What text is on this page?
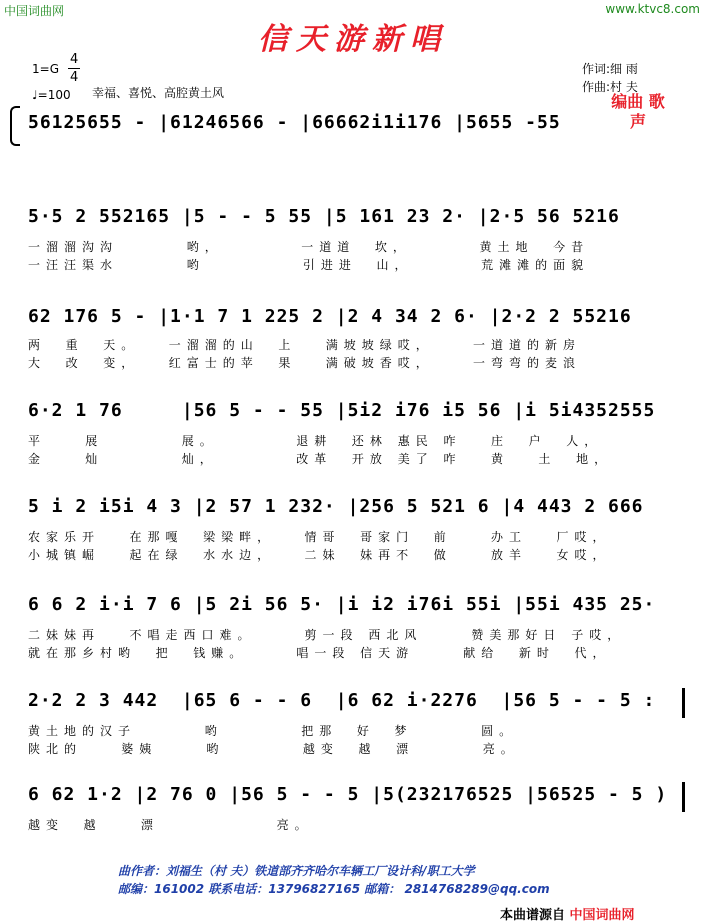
中国词曲网	www.ktvc8.com
信天游新唱
1=G
4
4
♩=100 幸福、喜悦、高腔黄土风
作词:细 雨
作曲:村 夫
编曲 歌声
56125655 - |61246566 - |66662i1i176 |5655 -55
5·5 2 552165 |5 - - 5 55 |5 161 23 2· |2·5 56 5216
一溜溜沟沟       哟，        一道道  坎，       黄土地  今昔
一汪汪渠水       哟          引进进  山，       荒滩滩的面貌
62 176 5 - |1·1 7 1 225 2 |2 4 34 2 6· |2·2 2 55216
两  重  天。   一溜溜的山  上   满坡坡绿哎，    一道道的新房
大  改  变，   红富士的苹  果   满破坡香哎，    一弯弯的麦浪
6·2 1 76     |56 5 - - 55 |5i2 i76 i5 56 |i 5i4352555
平    展        展。        退耕  还林 惠民 咋   庄  户  人，
金    灿        灿，        改革  开放 美了 咋   黄   土  地，
5 i 2 i5i 4 3 |2 57 1 232· |256 5 521 6 |4 443 2 666
农家乐开   在那嘎  梁梁畔，   情哥  哥家门  前    办工   厂哎，
小城镇崛   起在绿  水水边，   二妹  妹再不  做    放羊   女哎，
6 6 2 i·i 7 6 |5 2i 56 5· |i i2 i76i 55i |55i 435 25·
二妹妹再   不唱走西口难。     剪一段 西北风     赞美那好日 子哎，
就在那乡村哟  把  钱赚。     唱一段 信天游     献给  新时  代，
2·2 2 3 442  |65 6 - - 6  |6 62 i·2276  |56 5 - - 5 :
黄土地的汉子       哟        把那  好  梦       圆。
陕北的    婆姨     哟        越变  越  漂       亮。
6 62 1·2 |2 76 0 |56 5 - - 5 |5(232176525 |56525 - 5 )
越变  越    漂            亮。
曲作者：刘福生（村 夫）铁道部齐齐哈尔车辆工厂设计科/职工大学
邮编：161002 联系电话：13796827165 邮箱： 2814768289@qq.com
本曲谱源自 中国词曲网
